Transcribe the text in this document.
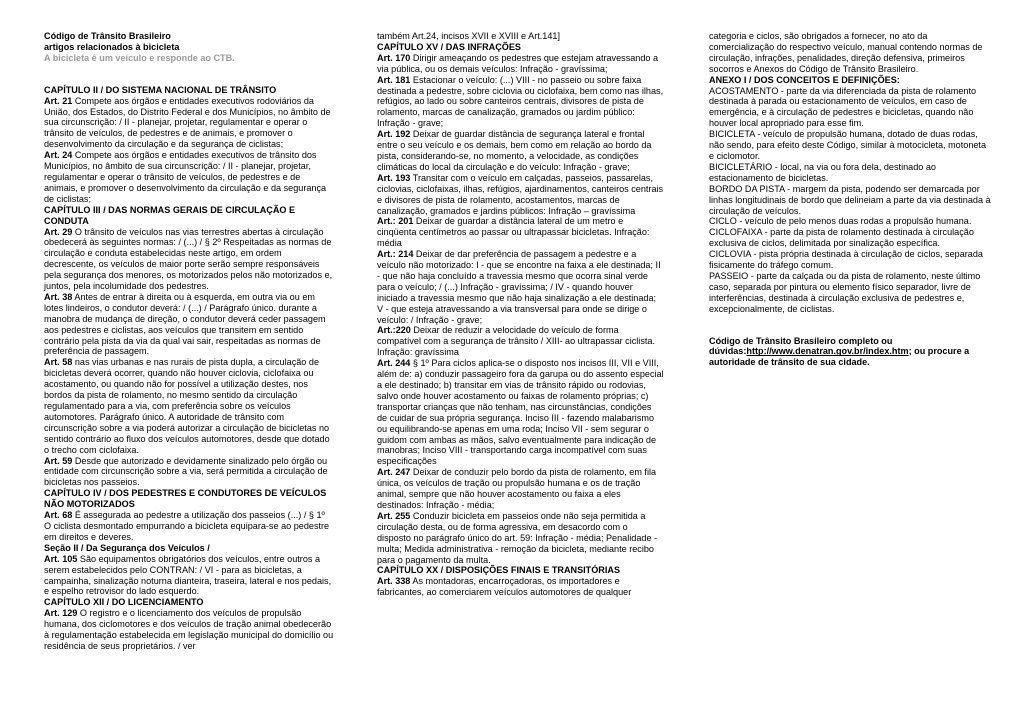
Código de Trânsito Brasileiro
artigos relacionados à bicicleta
A bicicleta é um veículo e responde ao CTB.
CAPÍTULO II / DO SISTEMA NACIONAL DE TRÂNSITO
Art. 21 Compete aos órgãos e entidades executivos rodoviários da União, dos Estados, do Distrito Federal e dos Municípios, no âmbito de sua circunscrição: / II - planejar, projetar, regulamentar e operar o trânsito de veículos, de pedestres e de animais, e promover o desenvolvimento da circulação e da segurança de ciclistas;
Art. 24 Compete aos órgãos e entidades executivos de trânsito dos Municípios, no âmbito de sua circunscrição: / II - planejar, projetar, regulamentar e operar o trânsito de veículos, de pedestres e de animais, e promover o desenvolvimento da circulação e da segurança de ciclistas;
CAPÍTULO III / DAS NORMAS GERAIS DE CIRCULAÇÃO E CONDUTA
Art. 29 O trânsito de veículos nas vias terrestres abertas à circulação obedecerá às seguintes normas: / (...) / § 2º Respeitadas as normas de circulação e conduta estabelecidas neste artigo, em ordem decrescente, os veículos de maior porte serão sempre responsáveis pela segurança dos menores, os motorizados pelos não motorizados e, juntos, pela incolumidade dos pedestres.
Art. 38 Antes de entrar à direita ou à esquerda, em outra via ou em lotes lindeiros, o condutor deverá: / (...) / Parágrafo único. durante a manobra de mudança de direção, o condutor deverá ceder passagem aos pedestres e ciclistas, aos veículos que transitem em sentido contrário pela pista da via da qual vai sair, respeitadas as normas de preferência de passagem.
Art. 58 nas vias urbanas e nas rurais de pista dupla, a circulação de bicicletas deverá ocorrer, quando não houver ciclovia, ciclofaixa ou acostamento, ou quando não for possível a utilização destes, nos bordos da pista de rolamento, no mesmo sentido da circulação regulamentado para a via, com preferência sobre os veículos automotores. Parágrafo único. A autoridade de trânsito com circunscrição sobre a via poderá autorizar a circulação de bicicletas no sentido contrário ao fluxo dos veículos automotores, desde que dotado o trecho com ciclofaixa.
Art. 59 Desde que autorizado e devidamente sinalizado pelo órgão ou entidade com circunscrição sobre a via, será permitida a circulação de bicicletas nos passeios.
CAPÍTULO IV / DOS PEDESTRES E CONDUTORES DE VEÍCULOS NÃO MOTORIZADOS
Art. 68 É assegurada ao pedestre a utilização dos passeios (...) / § 1º O ciclista desmontado empurrando a bicicleta equipara-se ao pedestre em direitos e deveres.
Seção II / Da Segurança dos Veículos /
Art. 105 São equipamentos obrigatórios dos veículos, entre outros a serem estabelecidos pelo CONTRAN: / VI - para as bicicletas, a campainha, sinalização noturna dianteira, traseira, lateral e nos pedais, e espelho retrovisor do lado esquerdo.
CAPÍTULO XII / DO LICENCIAMENTO
Art. 129 O registro e o licenciamento dos veículos de propulsão humana, dos ciclomotores e dos veículos de tração animal obedecerão à regulamentação estabelecida em legislação municipal do domicílio ou residência de seus proprietários. / ver
também Art.24, incisos XVII e XVIII e Art.141]
CAPÍTULO XV / DAS INFRAÇÕES
Art. 170 Dirigir ameaçando os pedestres que estejam atravessando a via pública, ou os demais veículos: Infração - gravíssima;
Art. 181 Estacionar o veículo: (...) VIII - no passeio ou sobre faixa destinada a pedestre, sobre ciclovia ou ciclofaixa, bem como nas ilhas, refúgios, ao lado ou sobre canteiros centrais, divisores de pista de rolamento, marcas de canalização, gramados ou jardim público: Infração - grave;
Art. 192 Deixar de guardar distância de segurança lateral e frontal entre o seu veículo e os demais, bem como em relação ao bordo da pista, considerando-se, no momento, a velocidade, as condições climáticas do local da circulação e do veículo: Infração - grave;
Art. 193 Transitar com o veículo em calçadas, passeios, passarelas, ciclovias, ciclofaixas, ilhas, refúgios, ajardinamentos, canteiros centrais e divisores de pista de rolamento, acostamentos, marcas de canalização, gramados e jardins públicos: Infração – gravíssima
Art.: 201 Deixar de guardar a distância lateral de um metro e cinqüenta centímetros ao passar ou ultrapassar bicicletas. Infração: média
Art.: 214 Deixar de dar preferência de passagem a pedestre e a veículo não motorizado: I - que se encontre na faixa a ele destinada; II - que não haja concluído a travessia mesmo que ocorra sinal verde para o veículo; / (...) Infração - gravíssima; / IV - quando houver iniciado a travessia mesmo que não haja sinalização a ele destinada; V - que esteja atravessando a via transversal para onde se dirige o veículo: / Infração - grave;
Art.:220 Deixar de reduzir a velocidade do veículo de forma compatível com a segurança de trânsito / XIII- ao ultrapassar ciclista. Infração: gravíssima
Art. 244 § 1º Para ciclos aplica-se o disposto nos incisos III, VII e VIII, além de: a) conduzir passageiro fora da garupa ou do assento especial a ele destinado; b) transitar em vias de trânsito rápido ou rodovias, salvo onde houver acostamento ou faixas de rolamento próprias; c) transportar crianças que não tenham, nas circunstâncias, condições de cuidar de sua própria segurança. Inciso III - fazendo malabarismo ou equilibrando-se apenas em uma roda; Inciso VII - sem segurar o guidom com ambas as mãos, salvo eventualmente para indicação de manobras; Inciso VIII - transportando carga incompatível com suas especificações
Art. 247 Deixar de conduzir pelo bordo da pista de rolamento, em fila única, os veículos de tração ou propulsão humana e os de tração animal, sempre que não houver acostamento ou faixa a eles destinados: Infração - média;
Art. 255 Conduzir bicicleta em passeios onde não seja permitida a circulação desta, ou de forma agressiva, em desacordo com o disposto no parágrafo único do art. 59: Infração - média; Penalidade - multa; Medida administrativa - remoção da bicicleta, mediante recibo para o pagamento da multa.
CAPÍTULO XX / DISPOSIÇÕES FINAIS E TRANSITÓRIAS
Art. 338 As montadoras, encarroçadoras, os importadores e fabricantes, ao comerciarem veículos automotores de qualquer
categoria e ciclos, são obrigados a fornecer, no ato da comercialização do respectivo veículo, manual contendo normas de circulação, infrações, penalidades, direção defensiva, primeiros socorros e Anexos do Código de Trânsito Brasileiro.
ANEXO I / DOS CONCEITOS E DEFINIÇÕES:
ACOSTAMENTO - parte da via diferenciada da pista de rolamento destinada à parada ou estacionamento de veículos, em caso de emergência, e à circulação de pedestres e bicicletas, quando não houver local apropriado para esse fim.
BICICLETA - veículo de propulsão humana, dotado de duas rodas, não sendo, para efeito deste Código, similar à motocicleta, motoneta e ciclomotor.
BICICLETÁRIO - local, na via ou fora dela, destinado ao estacionamento de bicicletas.
BORDO DA PISTA - margem da pista, podendo ser demarcada por linhas longitudinais de bordo que delineiam a parte da via destinada à circulação de veículos.
CICLO - veículo de pelo menos duas rodas a propulsão humana.
CICLOFAIXA - parte da pista de rolamento destinada à circulação exclusiva de ciclos, delimitada por sinalização específica.
CICLOVIA - pista própria destinada à circulação de ciclos, separada fisicamente do tráfego comum.
PASSEIO - parte da calçada ou da pista de rolamento, neste último caso, separada por pintura ou elemento físico separador, livre de interferências, destinada à circulação exclusiva de pedestres e, excepcionalmente, de ciclistas.
Código de Trânsito Brasileiro completo ou dúvidas:http://www.denatran.gov.br/index.htm; ou procure a autoridade de trânsito de sua cidade.
